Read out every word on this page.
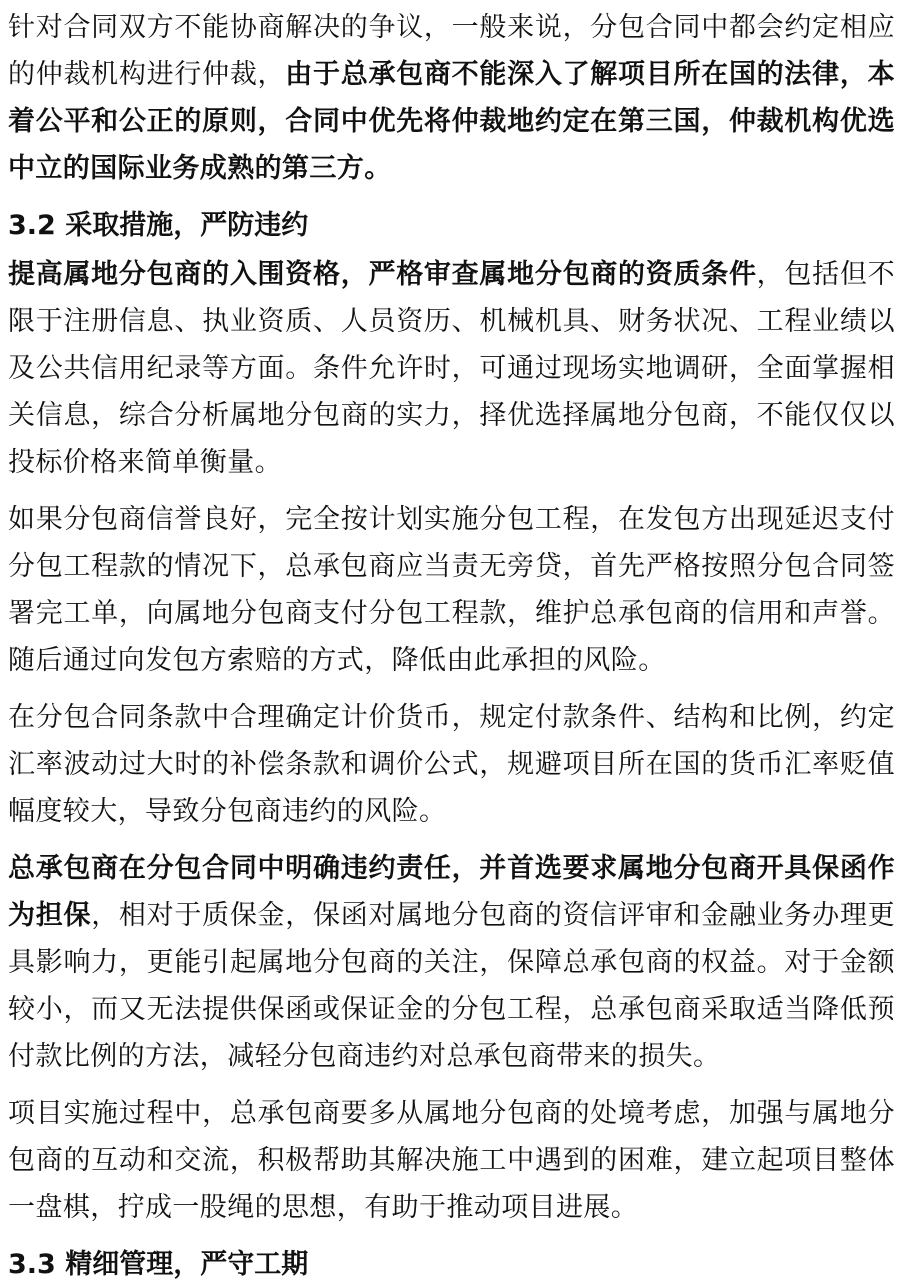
针对合同双方不能协商解决的争议，一般来说，分包合同中都会约定相应的仲裁机构进行仲裁，由于总承包商不能深入了解项目所在国的法律，本着公平和公正的原则，合同中优先将仲裁地约定在第三国，仲裁机构优选中立的国际业务成熟的第三方。

3.2 采取措施，严防违约

提高属地分包商的入围资格，严格审查属地分包商的资质条件，包括但不限于注册信息、执业资质、人员资历、机械机具、财务状况、工程业绩以及公共信用纪录等方面。条件允许时，可通过现场实地调研，全面掌握相关信息，综合分析属地分包商的实力，择优选择属地分包商，不能仅仅以投标价格来简单衡量。

如果分包商信誉良好，完全按计划实施分包工程，在发包方出现延迟支付分包工程款的情况下，总承包商应当责无旁贷，首先严格按照分包合同签署完工单，向属地分包商支付分包工程款，维护总承包商的信用和声誉。随后通过向发包方索赔的方式，降低由此承担的风险。

在分包合同条款中合理确定计价货币，规定付款条件、结构和比例，约定汇率波动过大时的补偿条款和调价公式，规避项目所在国的货币汇率贬值幅度较大，导致分包商违约的风险。

总承包商在分包合同中明确违约责任，并首选要求属地分包商开具保函作为担保，相对于质保金，保函对属地分包商的资信评审和金融业务办理更具影响力，更能引起属地分包商的关注，保障总承包商的权益。对于金额较小，而又无法提供保函或保证金的分包工程，总承包商采取适当降低预付款比例的方法，减轻分包商违约对总承包商带来的损失。

项目实施过程中，总承包商要多从属地分包商的处境考虑，加强与属地分包商的互动和交流，积极帮助其解决施工中遇到的困难，建立起项目整体一盘棋，拧成一股绳的思想，有助于推动项目进展。

3.3 精细管理，严守工期
